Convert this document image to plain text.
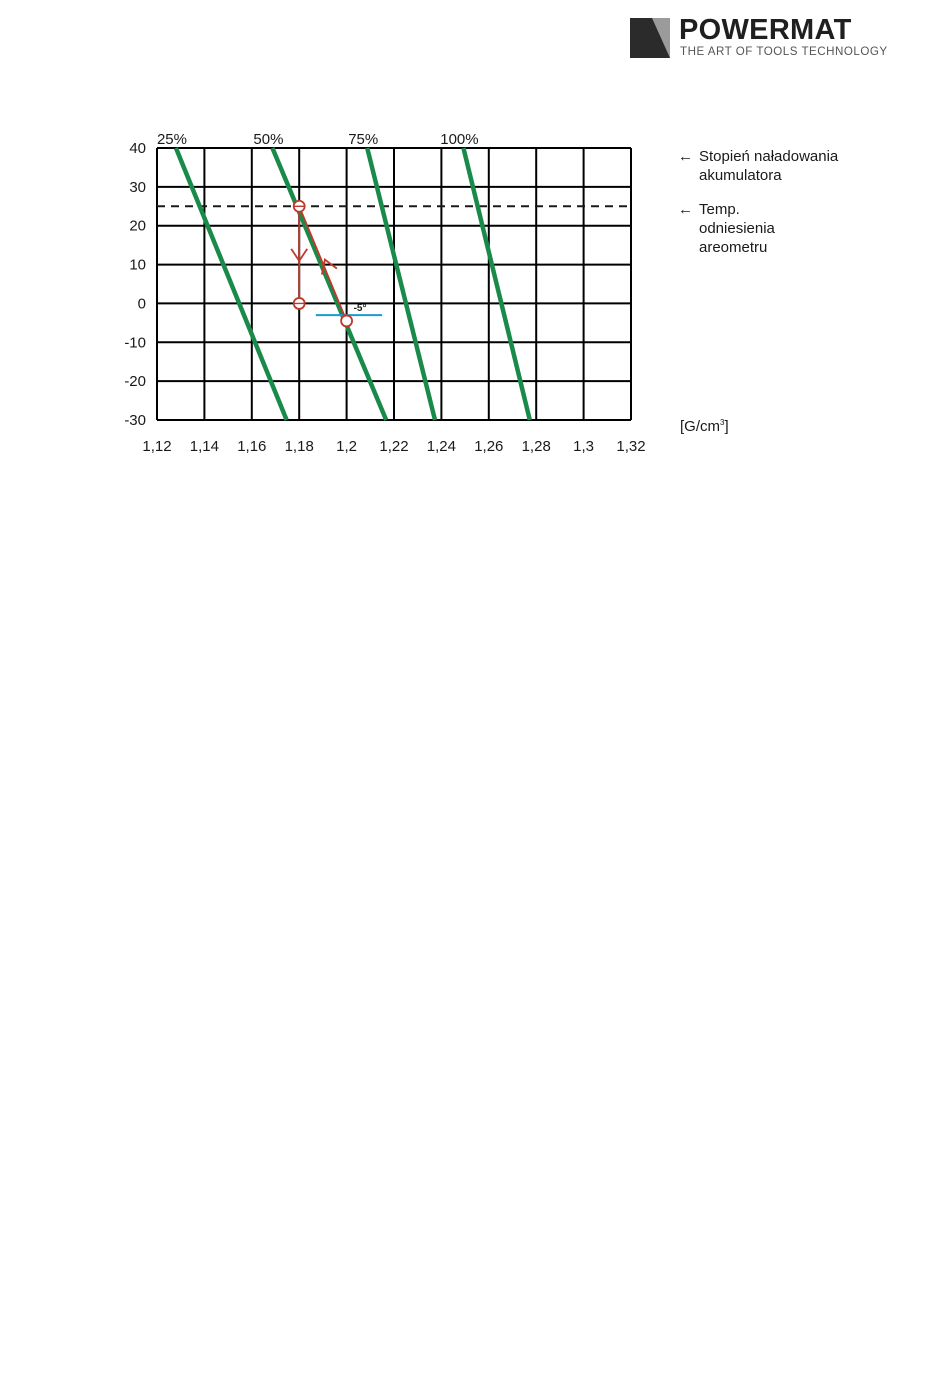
POWERMAT
THE ART OF TOOLS TECHNOLOGY
25%	50%	75%	100%
-5°
1,12 1,14 1,16 1,18 1,2 1,22 1,24 1,26 1,28 1,3 1,32
40
30
20
10
0
-10
-20
-30
← Stopień naładowania
akumulatora
← Temp.
odniesienia
areometru
$[G/cm^3]$
